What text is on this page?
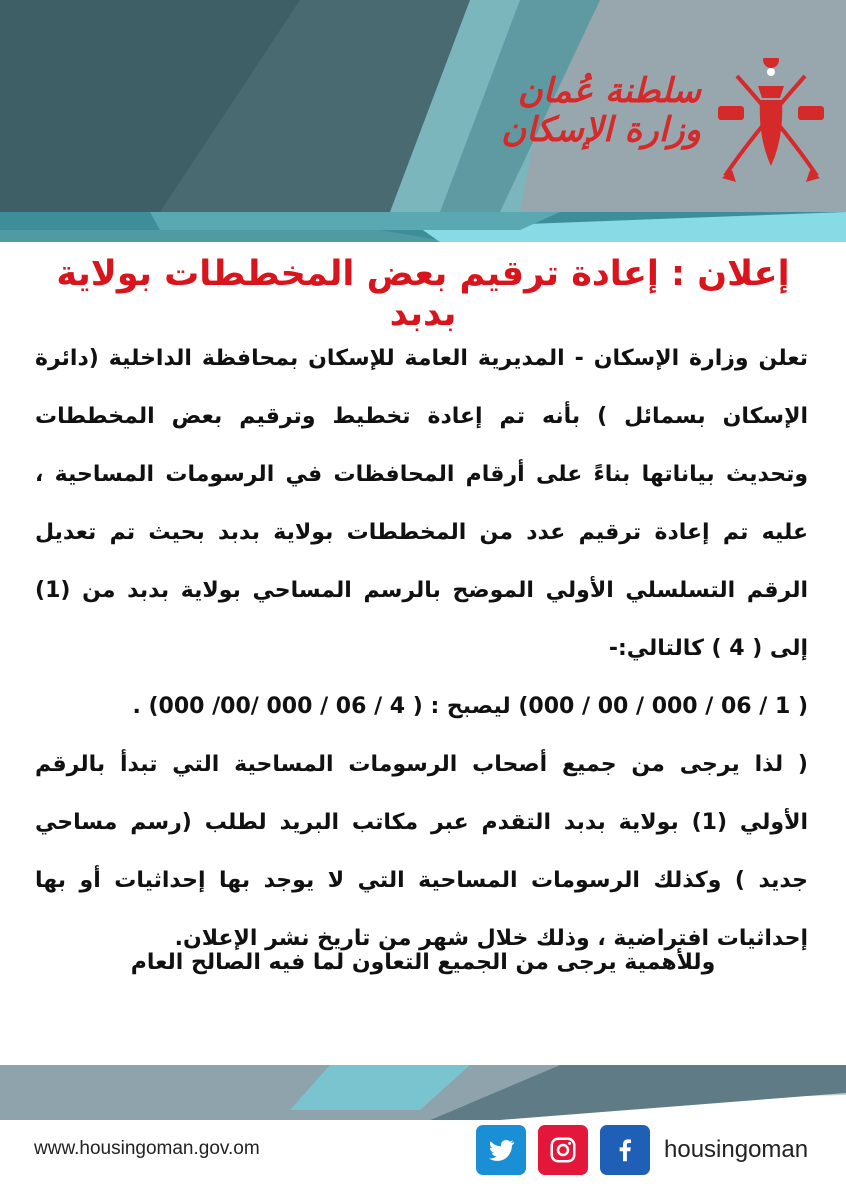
سلطنة عُمان
وزارة الإسكان
إعلان : إعادة ترقيم بعض المخططات بولاية بدبد

تعلن وزارة الإسكان - المديرية العامة للإسكان بمحافظة الداخلية (دائرة الإسكان بسمائل ) بأنه تم إعادة تخطيط وترقيم بعض المخططات وتحديث بياناتها بناءً على أرقام المحافظات في الرسومات المساحية ، عليه تم إعادة ترقيم عدد من المخططات بولاية بدبد بحيث تم تعديل الرقم التسلسلي الأولي الموضح بالرسم المساحي بولاية بدبد من (1) إلى ( 4 ) كالتالي:-

( 1 / 06 / 000 / 00 / 000) ليصبح : ( 4 / 06 / 000 /00/ 000) .

( لذا يرجى من جميع أصحاب الرسومات المساحية التي تبدأ بالرقم الأولي (1) بولاية بدبد التقدم عبر مكاتب البريد لطلب (رسم مساحي جديد ) وكذلك الرسومات المساحية التي لا يوجد بها إحداثيات أو بها إحداثيات افتراضية ، وذلك خلال شهر من تاريخ نشر الإعلان.

وللأهمية يرجى من الجميع التعاون لما فيه الصالح العام
www.housingoman.gov.om	housingoman
